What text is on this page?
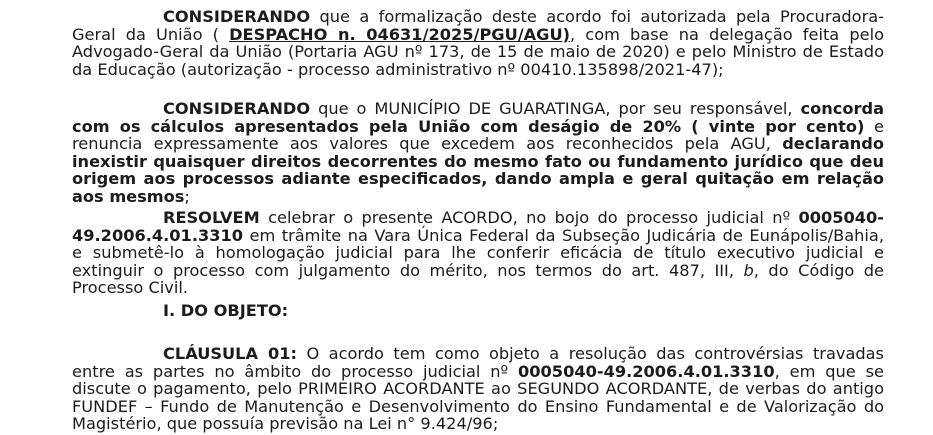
CONSIDERANDO que a formalização deste acordo foi autorizada pela Procuradora-Geral da União ( DESPACHO n. 04631/2025/PGU/AGU), com base na delegação feita pelo Advogado-Geral da União (Portaria AGU nº 173, de 15 de maio de 2020) e pelo Ministro de Estado da Educação (autorização - processo administrativo nº 00410.135898/2021-47);

CONSIDERANDO que o MUNICÍPIO DE GUARATINGA, por seu responsável, concorda com os cálculos apresentados pela União com deságio de 20% ( vinte por cento) e renuncia expressamente aos valores que excedem aos reconhecidos pela AGU, declarando inexistir quaisquer direitos decorrentes do mesmo fato ou fundamento jurídico que deu origem aos processos adiante especificados, dando ampla e geral quitação em relação aos mesmos;

RESOLVEM celebrar o presente ACORDO, no bojo do processo judicial nº 0005040-49.2006.4.01.3310 em trâmite na Vara Única Federal da Subseção Judicária de Eunápolis/Bahia, e submetê-lo à homologação judicial para lhe conferir eficácia de título executivo judicial e extinguir o processo com julgamento do mérito, nos termos do art. 487, III, b, do Código de Processo Civil.

I. DO OBJETO:

CLÁUSULA 01: O acordo tem como objeto a resolução das controvérsias travadas entre as partes no âmbito do processo judicial nº 0005040-49.2006.4.01.3310, em que se discute o pagamento, pelo PRIMEIRO ACORDANTE ao SEGUNDO ACORDANTE, de verbas do antigo FUNDEF – Fundo de Manutenção e Desenvolvimento do Ensino Fundamental e de Valorização do Magistério, que possuía previsão na Lei n° 9.424/96;
